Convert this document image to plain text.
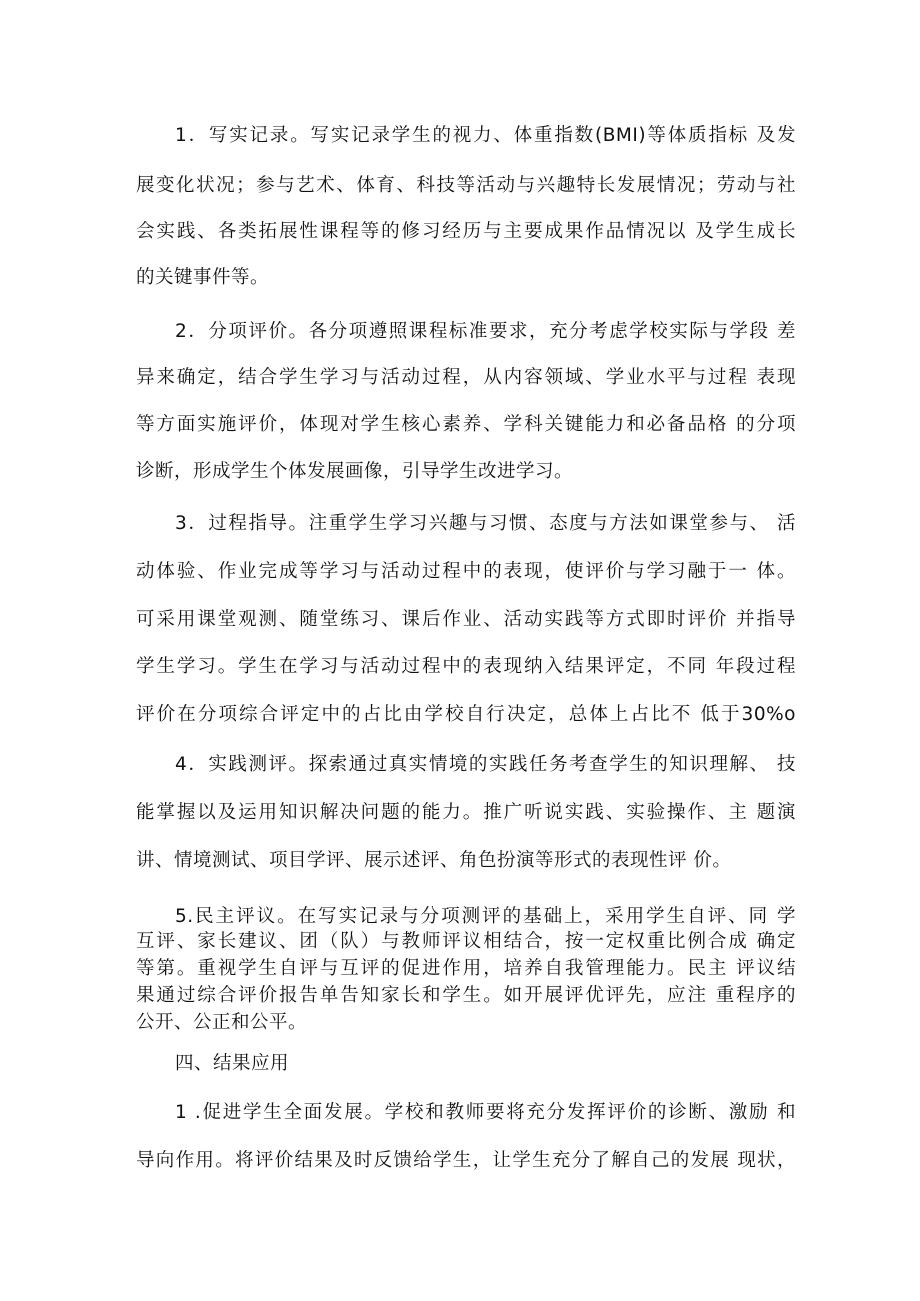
1．写实记录。写实记录学生的视力、体重指数(BMI)等体质指标 及发
展变化状况；参与艺术、体育、科技等活动与兴趣特长发展情况；劳动与社
会实践、各类拓展性课程等的修习经历与主要成果作品情况以 及学生成长
的关键事件等。
2．分项评价。各分项遵照课程标准要求，充分考虑学校实际与学段 差
异来确定，结合学生学习与活动过程，从内容领域、学业水平与过程 表现
等方面实施评价，体现对学生核心素养、学科关键能力和必备品格 的分项
诊断，形成学生个体发展画像，引导学生改进学习。
3．过程指导。注重学生学习兴趣与习惯、态度与方法如课堂参与、 活
动体验、作业完成等学习与活动过程中的表现，使评价与学习融于一 体。
可采用课堂观测、随堂练习、课后作业、活动实践等方式即时评价 并指导
学生学习。学生在学习与活动过程中的表现纳入结果评定，不同 年段过程
评价在分项综合评定中的占比由学校自行决定，总体上占比不 低于30%o
4．实践测评。探索通过真实情境的实践任务考查学生的知识理解、 技
能掌握以及运用知识解决问题的能力。推广听说实践、实验操作、主 题演
讲、情境测试、项目学评、展示述评、角色扮演等形式的表现性评 价。
5.民主评议。在写实记录与分项测评的基础上，采用学生自评、同 学
互评、家长建议、团（队）与教师评议相结合，按一定权重比例合成 确定
等第。重视学生自评与互评的促进作用，培养自我管理能力。民主 评议结
果通过综合评价报告单告知家长和学生。如开展评优评先，应注 重程序的
公开、公正和公平。
四、结果应用
1 .促进学生全面发展。学校和教师要将充分发挥评价的诊断、激励 和
导向作用。将评价结果及时反馈给学生，让学生充分了解自己的发展 现状，
